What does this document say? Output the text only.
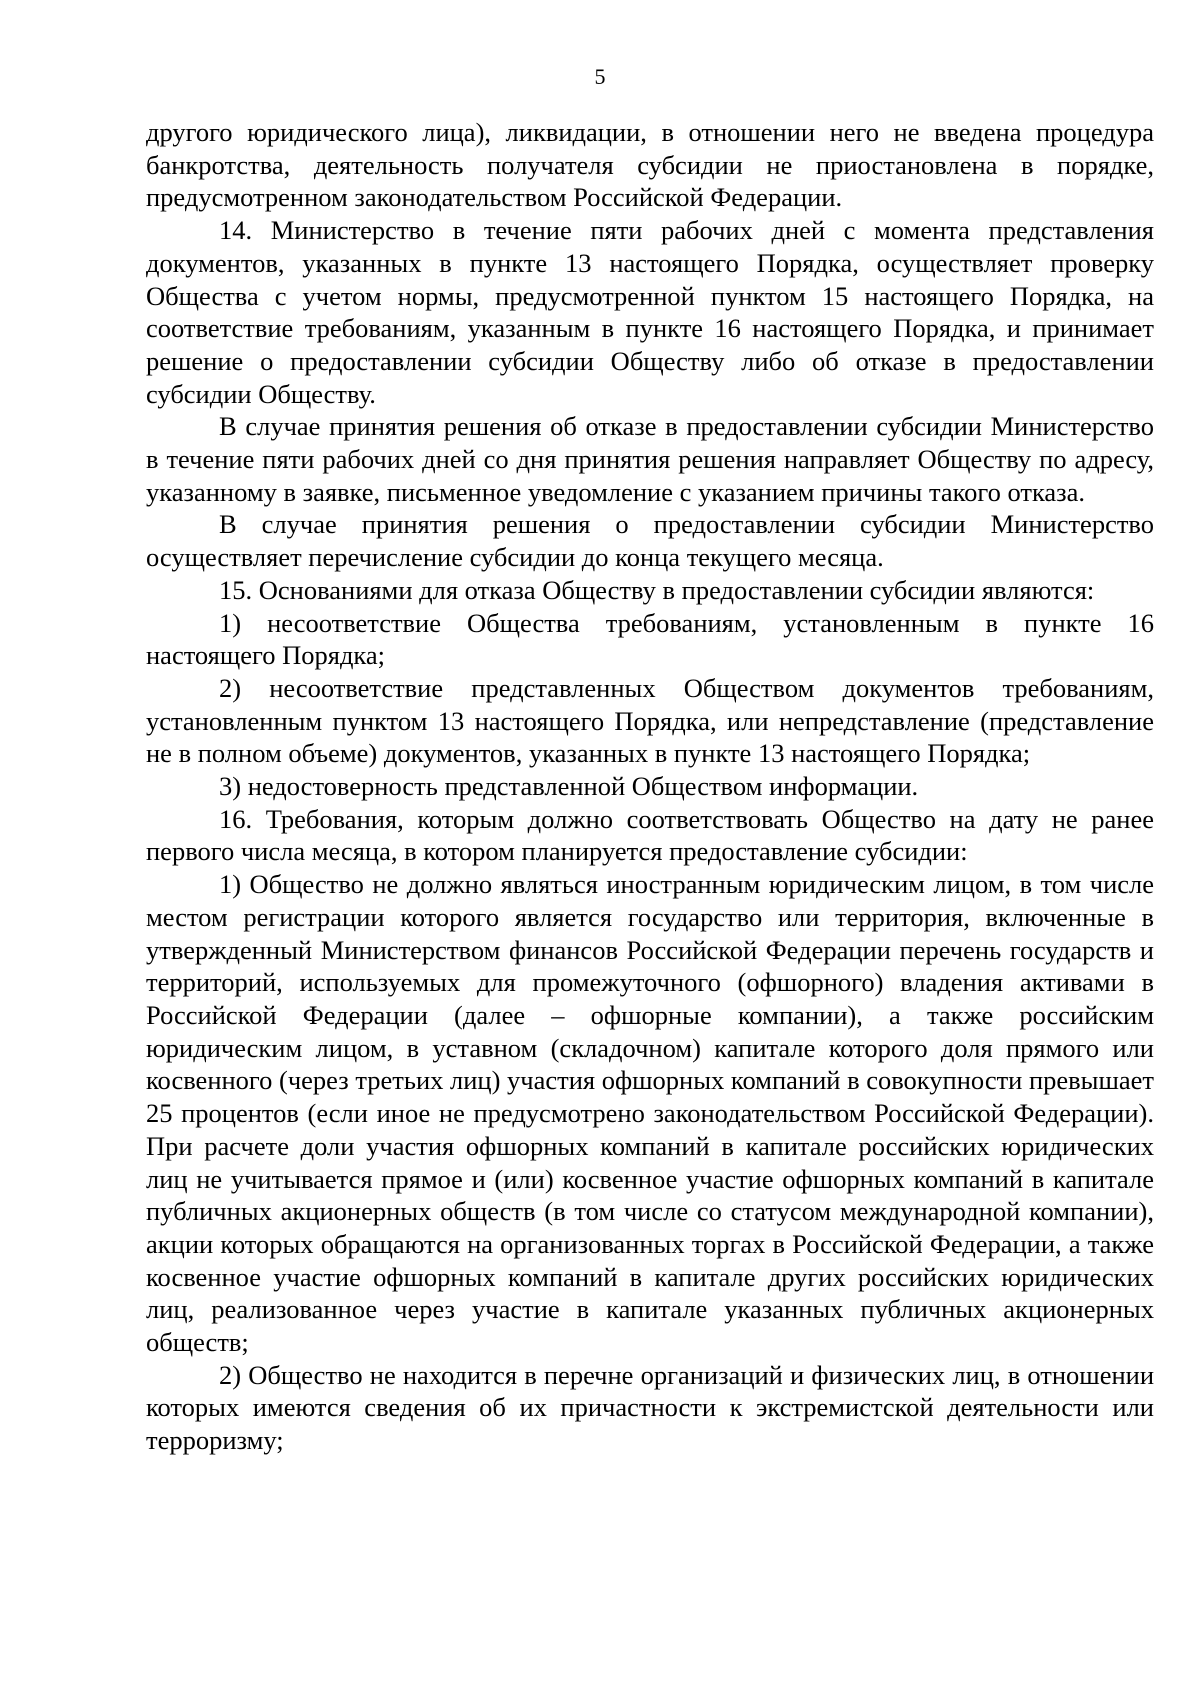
5

другого юридического лица), ликвидации, в отношении него не введена процедура банкротства, деятельность получателя субсидии не приостановлена в порядке, предусмотренном законодательством Российской Федерации.

14. Министерство в течение пяти рабочих дней с момента представления документов, указанных в пункте 13 настоящего Порядка, осуществляет проверку Общества с учетом нормы, предусмотренной пунктом 15 настоящего Порядка, на соответствие требованиям, указанным в пункте 16 настоящего Порядка, и принимает решение о предоставлении субсидии Обществу либо об отказе в предоставлении субсидии Обществу.

В случае принятия решения об отказе в предоставлении субсидии Министерство в течение пяти рабочих дней со дня принятия решения направляет Обществу по адресу, указанному в заявке, письменное уведомление с указанием причины такого отказа.

В случае принятия решения о предоставлении субсидии Министерство осуществляет перечисление субсидии до конца текущего месяца.

15. Основаниями для отказа Обществу в предоставлении субсидии являются:

1) несоответствие Общества требованиям, установленным в пункте 16 настоящего Порядка;

2) несоответствие представленных Обществом документов требованиям, установленным пунктом 13 настоящего Порядка, или непредставление (представление не в полном объеме) документов, указанных в пункте 13 настоящего Порядка;

3) недостоверность представленной Обществом информации.

16. Требования, которым должно соответствовать Общество на дату не ранее первого числа месяца, в котором планируется предоставление субсидии:

1) Общество не должно являться иностранным юридическим лицом, в том числе местом регистрации которого является государство или территория, включенные в утвержденный Министерством финансов Российской Федерации перечень государств и территорий, используемых для промежуточного (офшорного) владения активами в Российской Федерации (далее – офшорные компании), а также российским юридическим лицом, в уставном (складочном) капитале которого доля прямого или косвенного (через третьих лиц) участия офшорных компаний в совокупности превышает 25 процентов (если иное не предусмотрено законодательством Российской Федерации). При расчете доли участия офшорных компаний в капитале российских юридических лиц не учитывается прямое и (или) косвенное участие офшорных компаний в капитале публичных акционерных обществ (в том числе со статусом международной компании), акции которых обращаются на организованных торгах в Российской Федерации, а также косвенное участие офшорных компаний в капитале других российских юридических лиц, реализованное через участие в капитале указанных публичных акционерных обществ;

2) Общество не находится в перечне организаций и физических лиц, в отношении которых имеются сведения об их причастности к экстремистской деятельности или терроризму;
